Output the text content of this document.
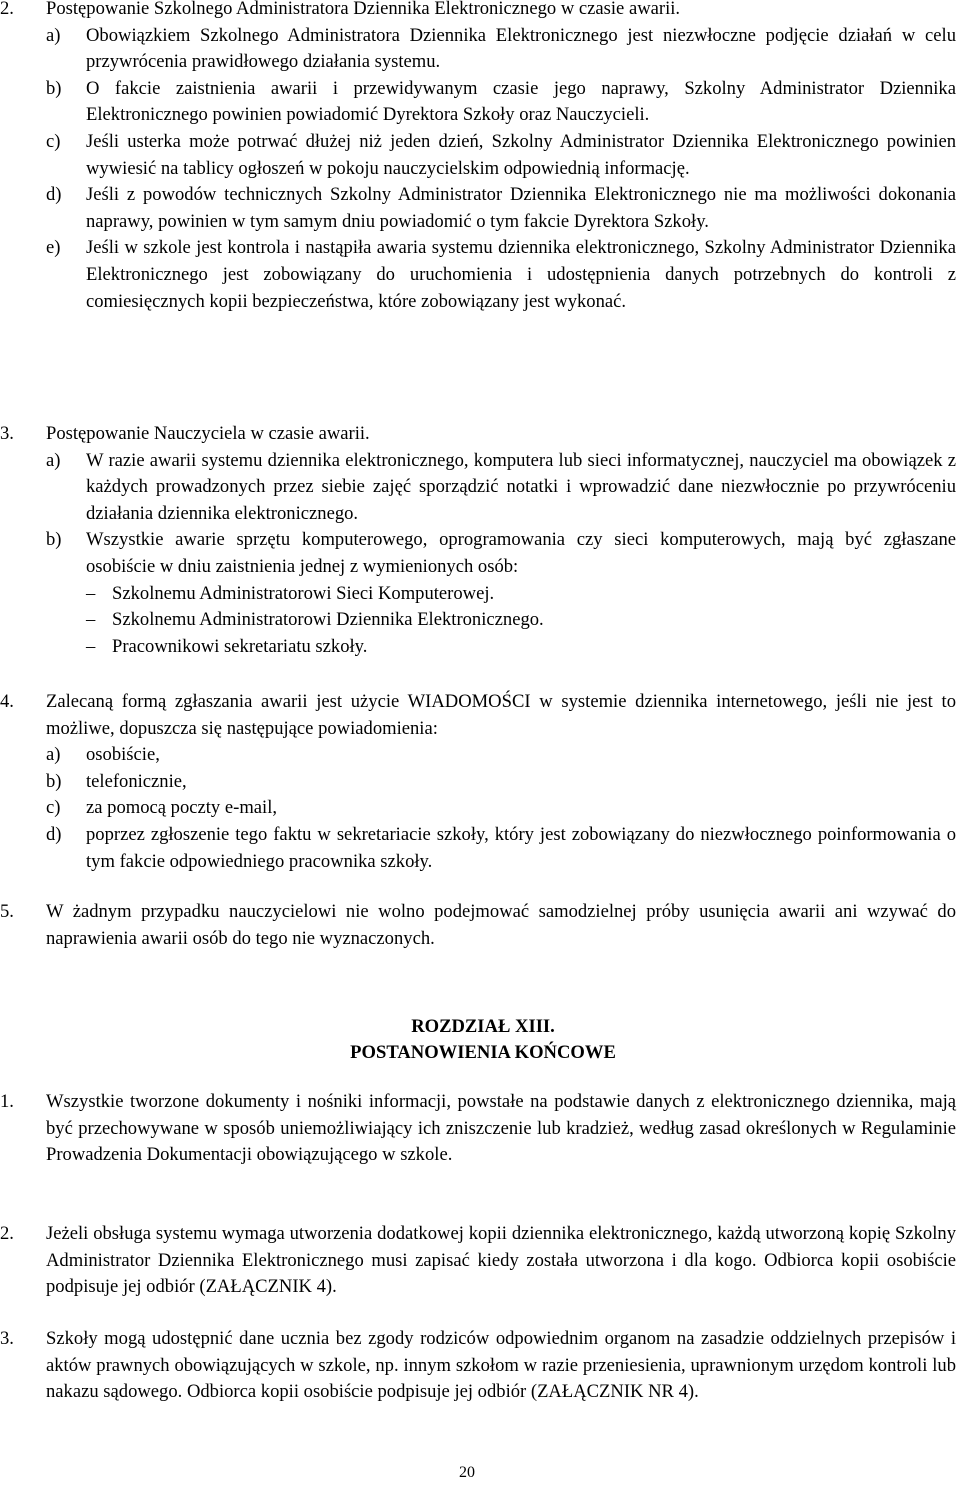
2. Postępowanie Szkolnego Administratora Dziennika Elektronicznego w czasie awarii.
a) Obowiązkiem Szkolnego Administratora Dziennika Elektronicznego jest niezwłoczne podjęcie działań w celu przywrócenia prawidłowego działania systemu.
b) O fakcie zaistnienia awarii i przewidywanym czasie jego naprawy, Szkolny Administrator Dziennika Elektronicznego powinien powiadomić Dyrektora Szkoły oraz Nauczycieli.
c) Jeśli usterka może potrwać dłużej niż jeden dzień, Szkolny Administrator Dziennika Elektronicznego powinien wywiesić na tablicy ogłoszeń w pokoju nauczycielskim odpowiednią informację.
d) Jeśli z powodów technicznych Szkolny Administrator Dziennika Elektronicznego nie ma możliwości dokonania naprawy, powinien w tym samym dniu powiadomić o tym fakcie Dyrektora Szkoły.
e) Jeśli w szkole jest kontrola i nastąpiła awaria systemu dziennika elektronicznego, Szkolny Administrator Dziennika Elektronicznego jest zobowiązany do uruchomienia i udostępnienia danych potrzebnych do kontroli z comiesięcznych kopii bezpieczeństwa, które zobowiązany jest wykonać.
3. Postępowanie Nauczyciela w czasie awarii.
a) W razie awarii systemu dziennika elektronicznego, komputera lub sieci informatycznej, nauczyciel ma obowiązek z każdych prowadzonych przez siebie zajęć sporządzić notatki i wprowadzić dane niezwłocznie po przywróceniu działania dziennika elektronicznego.
b) Wszystkie awarie sprzętu komputerowego, oprogramowania czy sieci komputerowych, mają być zgłaszane osobiście w dniu zaistnienia jednej z wymienionych osób:
– Szkolnemu Administratorowi Sieci Komputerowej.
– Szkolnemu Administratorowi Dziennika Elektronicznego.
– Pracownikowi sekretariatu szkoły.
4. Zalecaną formą zgłaszania awarii jest użycie WIADOMOŚCI w systemie dziennika internetowego, jeśli nie jest to możliwe, dopuszcza się następujące powiadomienia:
a) osobiście,
b) telefonicznie,
c) za pomocą poczty e-mail,
d) poprzez zgłoszenie tego faktu w sekretariacie szkoły, który jest zobowiązany do niezwłocznego poinformowania o tym fakcie odpowiedniego pracownika szkoły.
5. W żadnym przypadku nauczycielowi nie wolno podejmować samodzielnej próby usunięcia awarii ani wzywać do naprawienia awarii osób do tego nie wyznaczonych.
ROZDZIAŁ XIII.
POSTANOWIENIA KOŃCOWE
1. Wszystkie tworzone dokumenty i nośniki informacji, powstałe na podstawie danych z elektronicznego dziennika, mają być przechowywane w sposób uniemożliwiający ich zniszczenie lub kradzież, według zasad określonych w Regulaminie Prowadzenia Dokumentacji obowiązującego w szkole.
2. Jeżeli obsługa systemu wymaga utworzenia dodatkowej kopii dziennika elektronicznego, każdą utworzoną kopię Szkolny Administrator Dziennika Elektronicznego musi zapisać kiedy została utworzona i dla kogo. Odbiorca kopii osobiście podpisuje jej odbiór (ZAŁĄCZNIK 4).
3. Szkoły mogą udostępnić dane ucznia bez zgody rodziców odpowiednim organom na zasadzie oddzielnych przepisów i aktów prawnych obowiązujących w szkole, np. innym szkołom w razie przeniesienia, uprawnionym urzędom kontroli lub nakazu sądowego. Odbiorca kopii osobiście podpisuje jej odbiór (ZAŁĄCZNIK NR 4).
20
